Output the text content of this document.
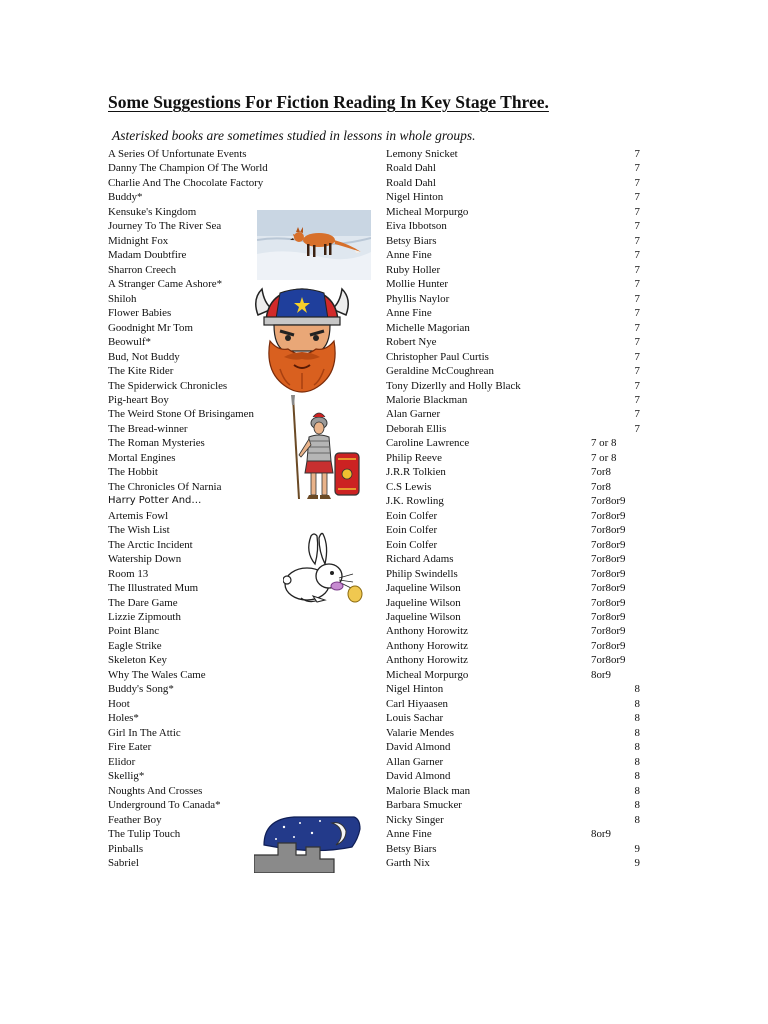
Some Suggestions For Fiction Reading In Key Stage Three.
Asterisked books are sometimes studied in lessons in whole groups.
A Series Of Unfortunate Events	Lemony Snicket	7
Danny The Champion Of The World	Roald Dahl	7
Charlie And The Chocolate Factory	Roald Dahl	7
Buddy*	Nigel Hinton	7
Kensuke's Kingdom	Micheal Morpurgo	7
Journey To The River Sea	Eiva Ibbotson	7
Midnight Fox	Betsy Biars	7
Madam Doubtfire	Anne Fine	7
Sharron Creech	Ruby Holler	7
A Stranger Came Ashore*	Mollie Hunter	7
Shiloh	Phyllis Naylor	7
Flower Babies	Anne Fine	7
Goodnight Mr Tom	Michelle Magorian	7
Beowulf*	Robert Nye	7
Bud, Not Buddy	Christopher Paul Curtis	7
The Kite Rider	Geraldine McCoughrean	7
The Spiderwick Chronicles	Tony Dizerlly and Holly Black	7
Pig-heart Boy	Malorie Blackman	7
The Weird Stone Of Brisingamen	Alan Garner	7
The Bread-winner	Deborah Ellis	7
The Roman Mysteries	Caroline Lawrence	7 or 8
Mortal Engines	Philip Reeve	7 or 8
The Hobbit	J.R.R Tolkien	7or8
The Chronicles Of Narnia	C.S Lewis	7or8
Harry Potter And…	J.K. Rowling	7or8or9
Artemis Fowl	Eoin Colfer	7or8or9
The Wish List	Eoin Colfer	7or8or9
The Arctic Incident	Eoin Colfer	7or8or9
Watership Down	Richard Adams	7or8or9
Room 13	Philip Swindells	7or8or9
The Illustrated Mum	Jaqueline Wilson	7or8or9
The Dare Game	Jaqueline Wilson	7or8or9
Lizzie Zipmouth	Jaqueline Wilson	7or8or9
Point Blanc	Anthony Horowitz	7or8or9
Eagle Strike	Anthony Horowitz	7or8or9
Skeleton Key	Anthony Horowitz	7or8or9
Why The Wales Came	Micheal Morpurgo	8or9
Buddy's Song*	Nigel Hinton	8
Hoot	Carl Hiyaasen	8
Holes*	Louis Sachar	8
Girl In The Attic	Valarie Mendes	8
Fire Eater	David Almond	8
Elidor	Allan Garner	8
Skellig*	David Almond	8
Noughts And Crosses	Malorie Black man	8
Underground To Canada*	Barbara Smucker	8
Feather Boy	Nicky Singer	8
The Tulip Touch	Anne Fine	8or9
Pinballs	Betsy Biars	9
Sabriel	Garth Nix	9
